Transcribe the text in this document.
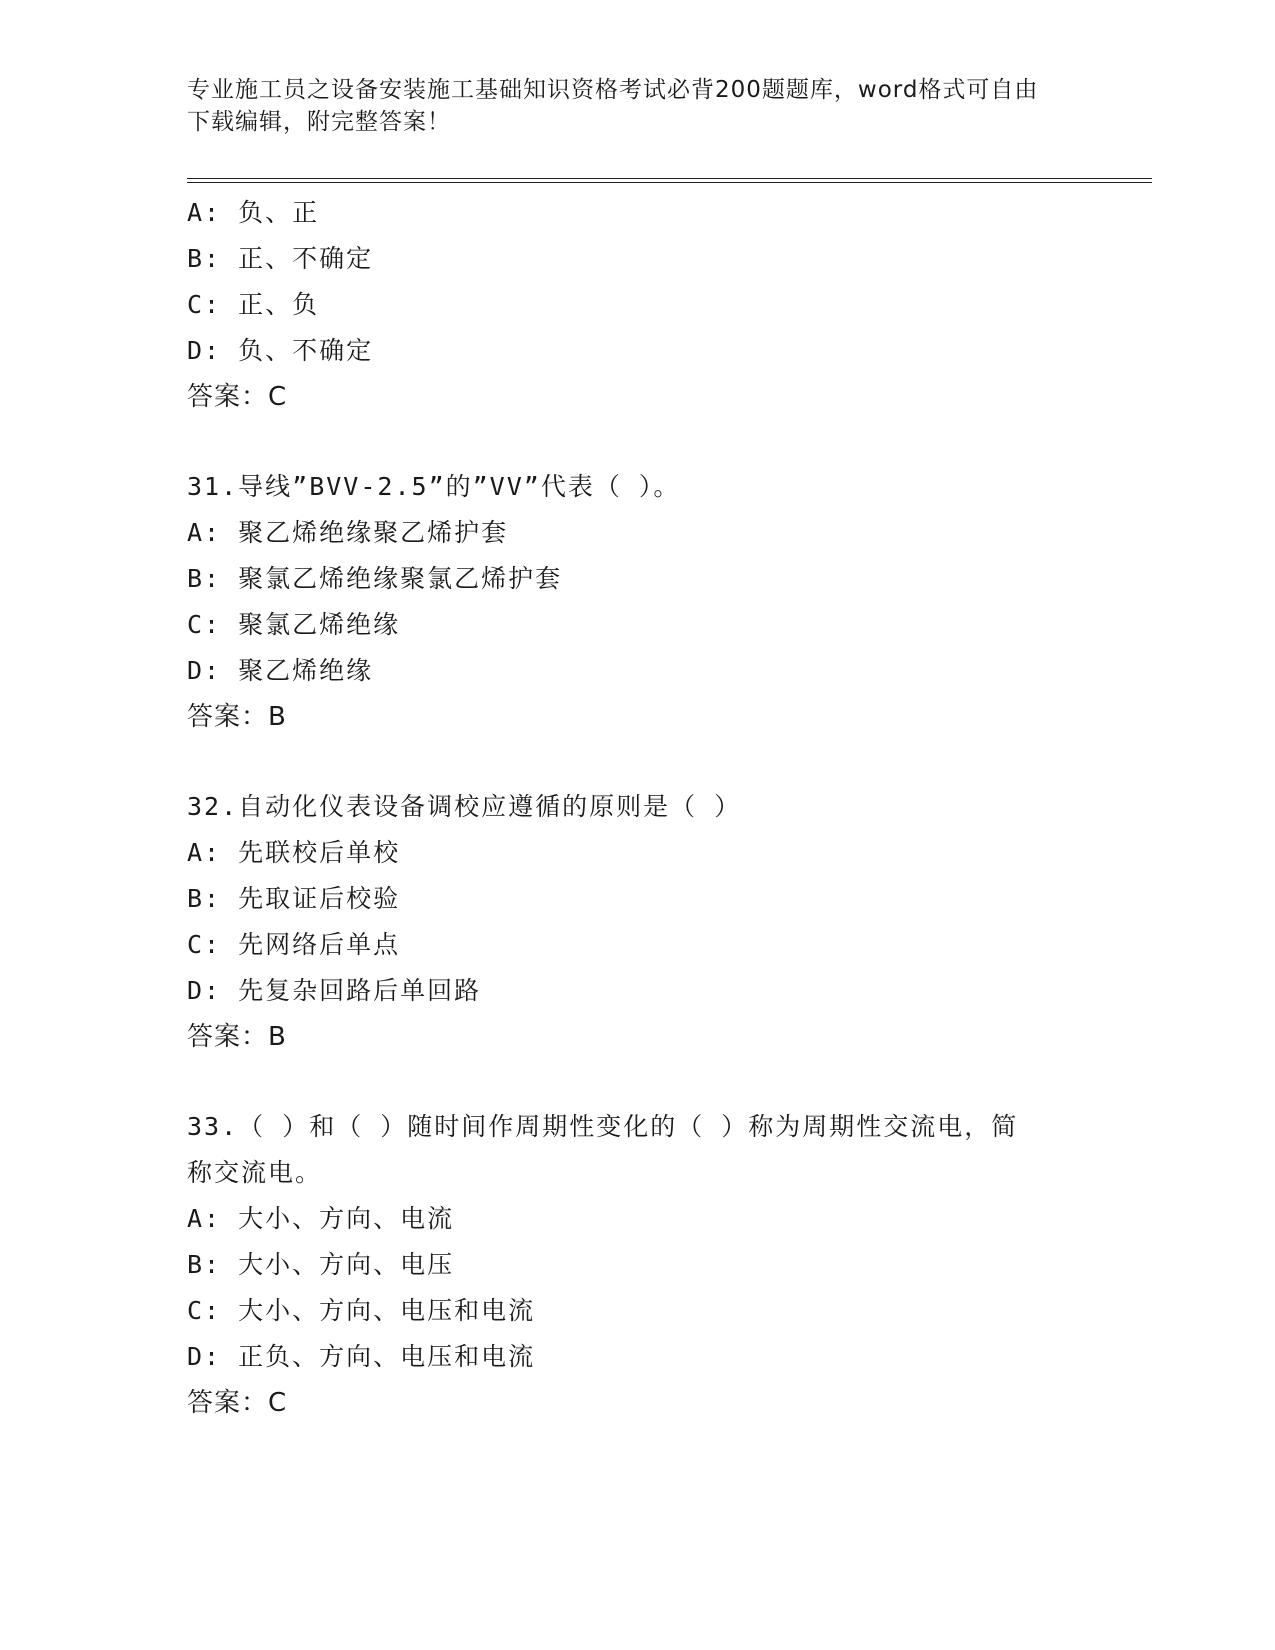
专业施工员之设备安装施工基础知识资格考试必背200题题库，word格式可自由
下载编辑，附完整答案！
A: 负、正
B: 正、不确定
C: 正、负
D: 负、不确定
答案：C
31.导线”BVV-2.5”的”VV”代表（ ）。
A: 聚乙烯绝缘聚乙烯护套
B: 聚氯乙烯绝缘聚氯乙烯护套
C: 聚氯乙烯绝缘
D: 聚乙烯绝缘
答案：B
32.自动化仪表设备调校应遵循的原则是（ ）
A: 先联校后单校
B: 先取证后校验
C: 先网络后单点
D: 先复杂回路后单回路
答案：B
33.（ ）和（ ）随时间作周期性变化的（ ）称为周期性交流电，简
称交流电。
A: 大小、方向、电流
B: 大小、方向、电压
C: 大小、方向、电压和电流
D: 正负、方向、电压和电流
答案：C
